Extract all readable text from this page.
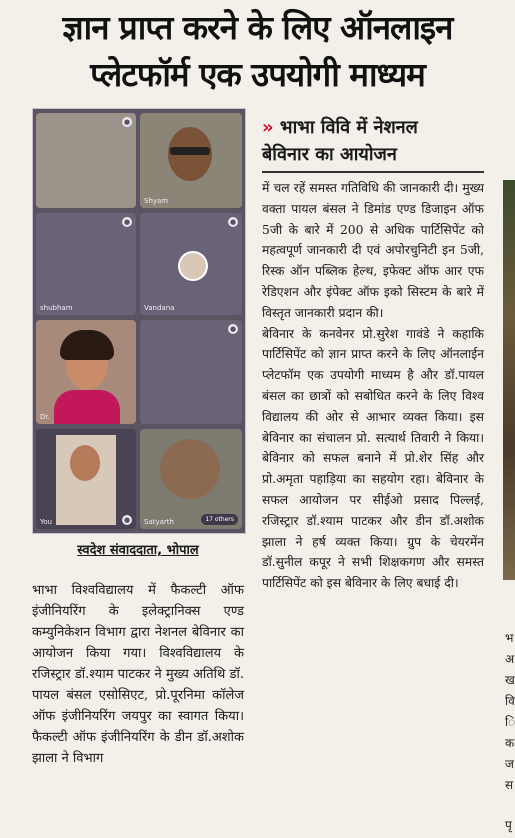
ज्ञान प्राप्त करने के लिए ऑनलाइन
प्लेटफॉर्म एक उपयोगी माध्यम
●
Shyam
●
shubham
●
Vandana
Dr.
●
●
You	Satyarth	17 others
स्वदेश संवाददाता, भोपाल
भाभा विश्वविद्यालय में फैकल्टी ऑफ इंजीनियरिंग के इलेक्ट्रानिक्स एण्ड कम्युनिकेशन विभाग द्वारा नेशनल बेविनार का आयोजन किया गया। विश्वविद्यालय के रजिस्ट्रार डॉ.श्याम पाटकर ने मुख्य अतिथि डॉ. पायल बंसल एसोसिएट, प्रो.पूरनिमा कॉलेज ऑफ इंजीनियरिंग जयपुर का स्वागत किया। फैकल्टी ऑफ इंजीनियरिंग के डीन डॉ.अशोक झाला ने विभाग
» भाभा विवि में नेशनल
बेविनार का आयोजन

में चल रहें समस्त गतिविधि की जानकारी दी। मुख्य वक्ता पायल बंसल ने डिमांड एण्ड डिजाइन ऑफ 5जी के बारे में 200 से अधिक पार्टिसिपेंट को महत्वपूर्ण जानकारी दी एवं अपोरचुनिटी इन 5जी, रिस्क ऑन पब्लिक हेल्थ, इफेक्ट ऑफ आर एफ रेडिएशन और इंपेक्ट ऑफ इको सिस्टम के बारे में विस्तृत जानकारी प्रदान की।

बेविनार के कनवेनर प्रो.सुरेश गावंडे ने कहाकि पार्टिसिपेंट को ज्ञान प्राप्त करने के लिए ऑनलाईन प्लेटफॉम एक उपयोगी माध्यम है और डॉ.पायल बंसल का छात्रों को सबोधित करने के लिए विश्व विद्यालय की ओर से आभार व्यक्त किया। इस बेविनार का संचालन प्रो. सत्यार्थ तिवारी ने किया। बेविनार को सफल बनाने में प्रो.शेर सिंह और प्रो.अमृता पहाड़िया का सहयोग रहा। बेविनार के सफल आयोजन पर सीईओ प्रसाद पिल्लई, रजिस्ट्रार डॉ.श्याम पाटकर और डीन डॉ.अशोक झाला ने हर्ष व्यक्त किया। ग्रुप के चेयरमेंन डॉ.सुनील कपूर ने सभी शिक्षकगण और समस्त पार्टिसिपेंट को इस बेविनार के लिए बधाई दी।

भ
अ
ख
वि
ि
क
ज
स
पृ
